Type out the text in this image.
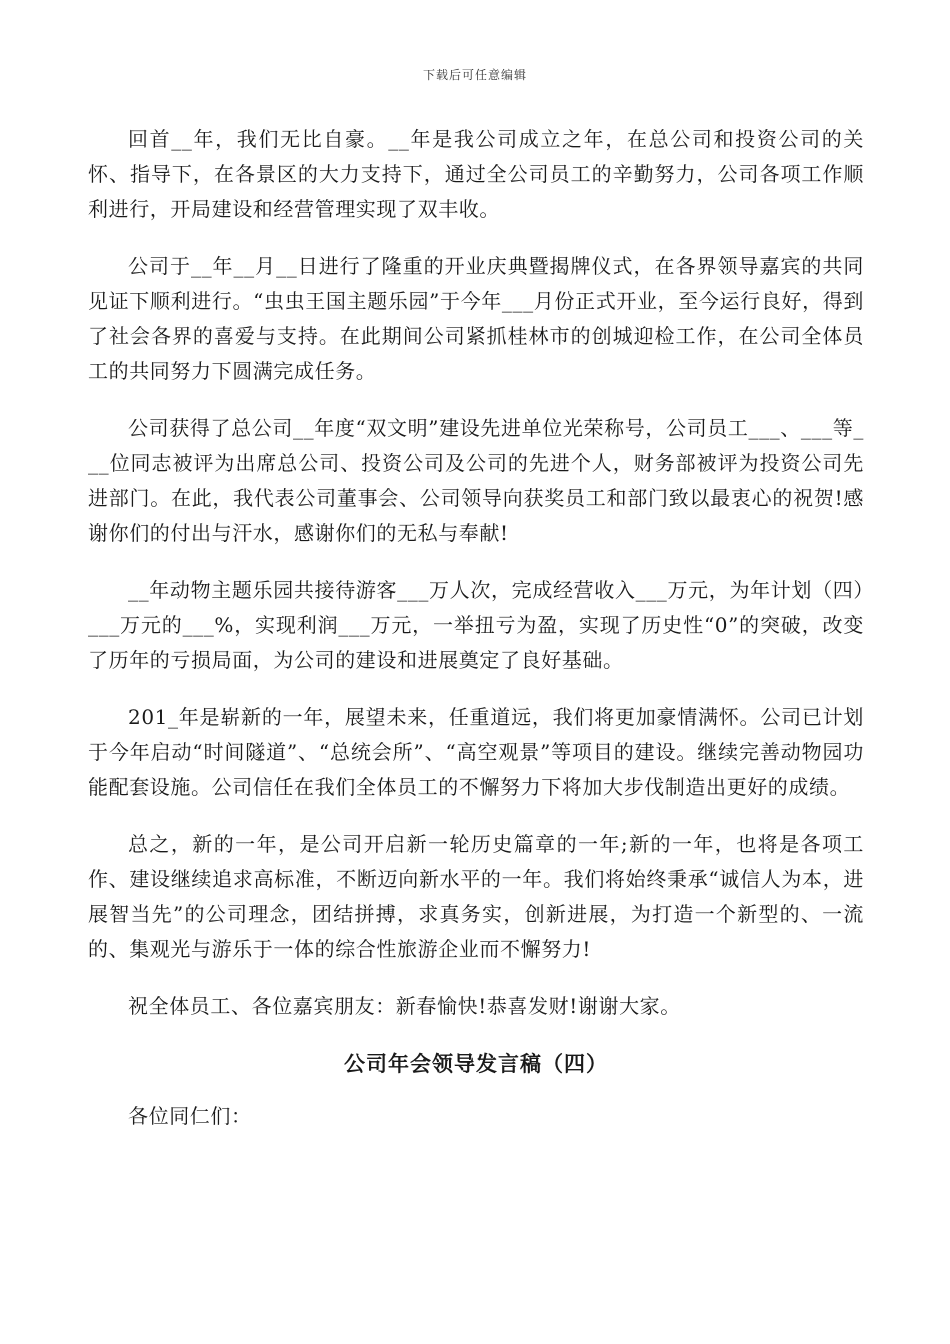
下载后可任意编辑

回首__年，我们无比自豪。__年是我公司成立之年，在总公司和投资公司的关怀、指导下，在各景区的大力支持下，通过全公司员工的辛勤努力，公司各项工作顺利进行，开局建设和经营管理实现了双丰收。

公司于__年__月__日进行了隆重的开业庆典暨揭牌仪式，在各界领导嘉宾的共同见证下顺利进行。“虫虫王国主题乐园”于今年___月份正式开业，至今运行良好，得到了社会各界的喜爱与支持。在此期间公司紧抓桂林市的创城迎检工作，在公司全体员工的共同努力下圆满完成任务。

公司获得了总公司__年度“双文明”建设先进单位光荣称号，公司员工___、___等___位同志被评为出席总公司、投资公司及公司的先进个人，财务部被评为投资公司先进部门。在此，我代表公司董事会、公司领导向获奖员工和部门致以最衷心的祝贺!感谢你们的付出与汗水，感谢你们的无私与奉献!

__年动物主题乐园共接待游客___万人次，完成经营收入___万元，为年计划（四）___万元的___%，实现利润___万元，一举扭亏为盈，实现了历史性“0”的突破，改变了历年的亏损局面，为公司的建设和进展奠定了良好基础。

201_年是崭新的一年，展望未来，任重道远，我们将更加豪情满怀。公司已计划于今年启动“时间隧道”、“总统会所”、“高空观景”等项目的建设。继续完善动物园功能配套设施。公司信任在我们全体员工的不懈努力下将加大步伐制造出更好的成绩。

总之，新的一年，是公司开启新一轮历史篇章的一年;新的一年，也将是各项工作、建设继续追求高标准，不断迈向新水平的一年。我们将始终秉承“诚信人为本，进展智当先”的公司理念，团结拼搏，求真务实，创新进展，为打造一个新型的、一流的、集观光与游乐于一体的综合性旅游企业而不懈努力!

祝全体员工、各位嘉宾朋友：新春愉快!恭喜发财!谢谢大家。

公司年会领导发言稿（四）

各位同仁们：
